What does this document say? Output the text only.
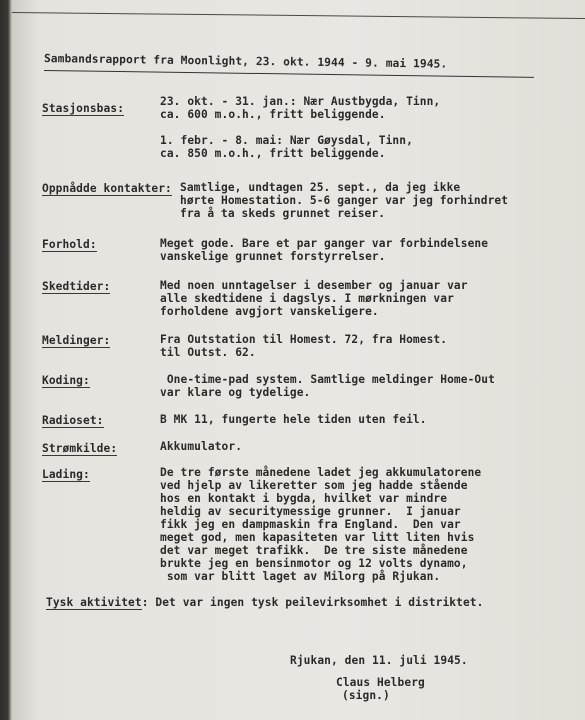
Sambandsrapport fra Moonlight, 23. okt. 1944 - 9. mai 1945.
Stasjonsbas:
23. okt. - 31. jan.: Nær Austbygda, Tinn,
ca. 600 m.o.h., fritt beliggende.

1. febr. - 8. mai: Nær Gøysdal, Tinn,
ca. 850 m.o.h., fritt beliggende.
Oppnådde kontakter: Samtlige, undtagen 25. sept., da jeg ikke
hørte Homestation. 5-6 ganger var jeg forhindret
fra å ta skeds grunnet reiser.
Forhold:	Meget gode. Bare et par ganger var forbindelsene
vanskelige grunnet forstyrrelser.
Skedtider:	Med noen unntagelser i desember og januar var
alle skedtidene i dagslys. I mørkningen var
forholdene avgjort vanskeligere.
Meldinger:	Fra Outstation til Homest. 72, fra Homest.
til Outst. 62.
Koding:	One-time-pad system. Samtlige meldinger Home-Out
var klare og tydelige.
Radioset:	B MK 11, fungerte hele tiden uten feil.
Strømkilde:	Akkumulator.
Lading:	De tre første månedene ladet jeg akkumulatorene
ved hjelp av likeretter som jeg hadde stående
hos en kontakt i bygda, hvilket var mindre
heldig av securitymessige grunner.  I januar
fikk jeg en dampmaskin fra England.  Den var
meget god, men kapasiteten var litt liten hvis
det var meget trafikk.  De tre siste månedene
brukte jeg en bensinmotor og 12 volts dynamo,
som var blitt laget av Milorg på Rjukan.
Tysk aktivitet: Det var ingen tysk peilevirksomhet i distriktet.
Rjukan, den 11. juli 1945.
Claus Helberg
(sign.)
